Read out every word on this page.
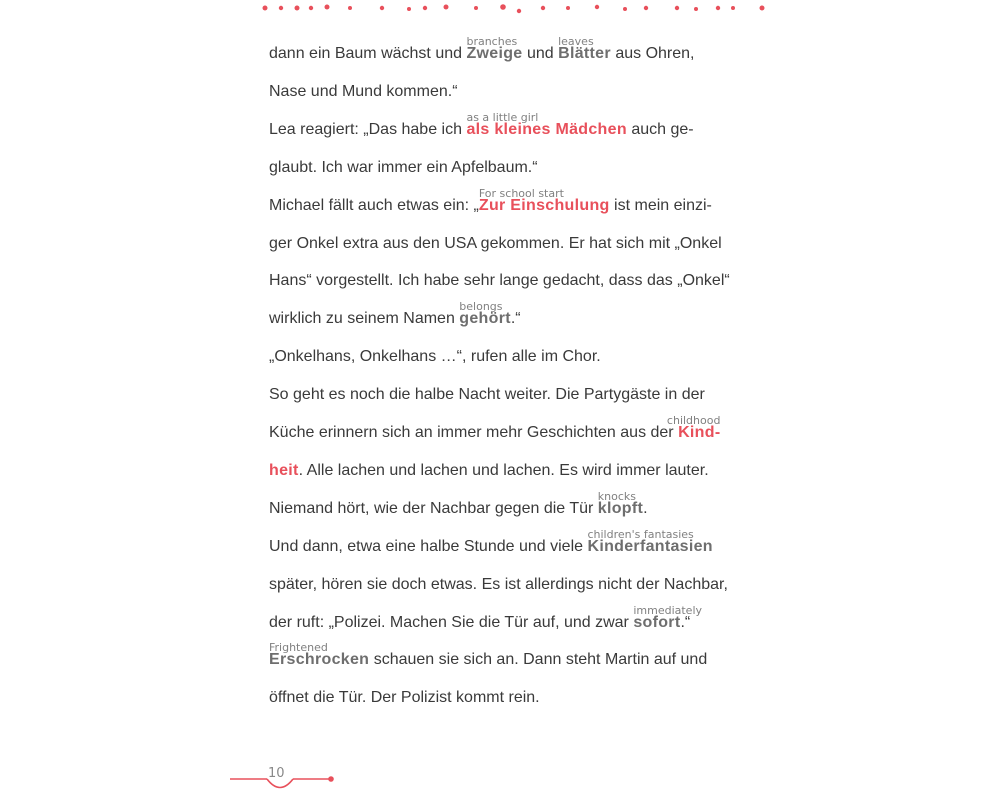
dann ein Baum wächst und Zweige
branches
und Blätter
leaves
aus Ohren,
Nase und Mund kommen.“
Lea reagiert: „Das habe ich als kleines Mädchen
as a little girl
auch ge-
glaubt. Ich war immer ein Apfelbaum.“
Michael fällt auch etwas ein: „Zur Einschulung
For school start
ist mein einzi-
ger Onkel extra aus den USA gekommen. Er hat sich mit „Onkel
Hans“ vorgestellt. Ich habe sehr lange gedacht, dass das „Onkel“
wirklich zu seinem Namen gehört
belongs
.“
„Onkelhans, Onkelhans …“, rufen alle im Chor.
So geht es noch die halbe Nacht weiter. Die Partygäste in der
Küche erinnern sich an immer mehr Geschichten aus der Kind-
childhood
heit. Alle lachen und lachen und lachen. Es wird immer lauter.
Niemand hört, wie der Nachbar gegen die Tür klopft
knocks
.
Und dann, etwa eine halbe Stunde und viele Kinderfantasien
children's fantasies
später, hören sie doch etwas. Es ist allerdings nicht der Nachbar,
der ruft: „Polizei. Machen Sie die Tür auf, und zwar sofort
immediately
.“
Erschrocken
Frightened
schauen sie sich an. Dann steht Martin auf und
öffnet die Tür. Der Polizist kommt rein.
10
